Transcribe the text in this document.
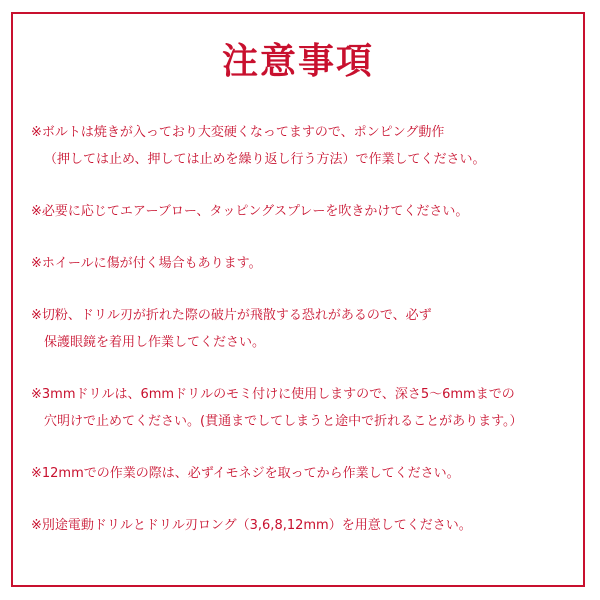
注意事項
※ボルトは焼きが入っており大変硬くなってますので、ポンピング動作
（押しては止め、押しては止めを繰り返し行う方法）で作業してください。
※必要に応じてエアーブロー、タッピングスプレーを吹きかけてください。
※ホイールに傷が付く場合もあります。
※切粉、ドリル刃が折れた際の破片が飛散する恐れがあるので、必ず
保護眼鏡を着用し作業してください。
※3mmドリルは、6mmドリルのモミ付けに使用しますので、深さ5～6mmまでの
穴明けで止めてください。(貫通までしてしまうと途中で折れることがあります。）
※12mmでの作業の際は、必ずイモネジを取ってから作業してください。
※別途電動ドリルとドリル刃ロング（3,6,8,12mm）を用意してください。
